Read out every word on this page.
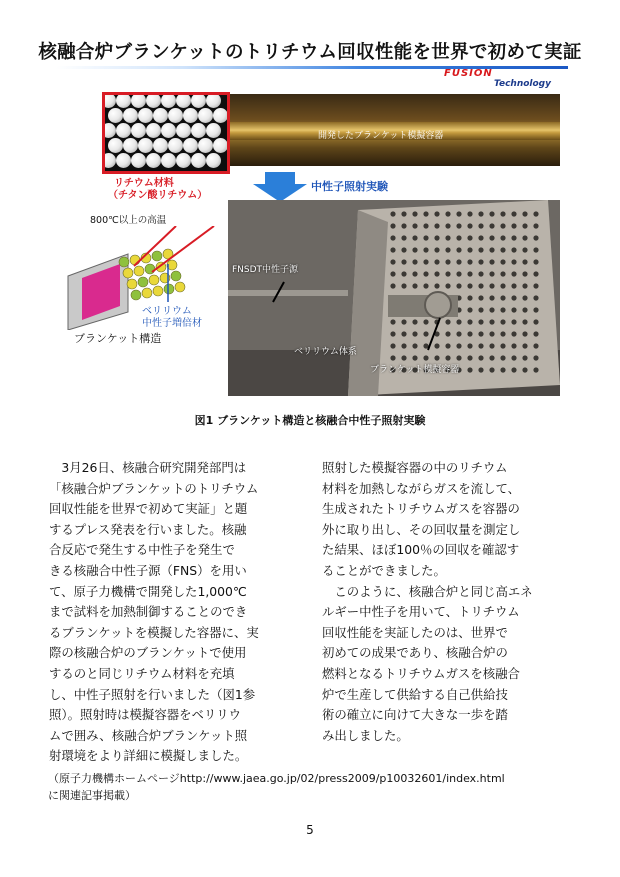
核融合炉ブランケットのトリチウム回収性能を世界で初めて実証
FUSION
Technology
開発したブランケット模擬容器
リチウム材料
（チタン酸リチウム）
800℃以上の高温
中性子照射実験
FNSDT中性子源
ベリリウム体系
ブランケット模擬容器
ベリリウム
中性子増倍材
ブランケット構造
図1 ブランケット構造と核融合中性子照射実験

　3月26日、核融合研究開発部門は

「核融合炉ブランケットのトリチウム

回収性能を世界で初めて実証」と題

するプレス発表を行いました。核融

合反応で発生する中性子を発生で

きる核融合中性子源（FNS）を用い

て、原子力機構で開発した1,000℃

まで試料を加熱制御することのでき

るブランケットを模擬した容器に、実

際の核融合炉のブランケットで使用

するのと同じリチウム材料を充填

し、中性子照射を行いました（図1参

照）。照射時は模擬容器をベリリウ

ムで囲み、核融合炉ブランケット照

射環境をより詳細に模擬しました。

照射した模擬容器の中のリチウム

材料を加熱しながらガスを流して、

生成されたトリチウムガスを容器の

外に取り出し、その回収量を測定し

た結果、ほぼ100％の回収を確認す

ることができました。

　このように、核融合炉と同じ高エネ

ルギー中性子を用いて、トリチウム

回収性能を実証したのは、世界で

初めての成果であり、核融合炉の

燃料となるトリチウムガスを核融合

炉で生産して供給する自己供給技

術の確立に向けて大きな一歩を踏

み出しました。

（原子力機構ホームページhttp://www.jaea.go.jp/02/press2009/p10032601/index.html

に関連記事掲載）

5
